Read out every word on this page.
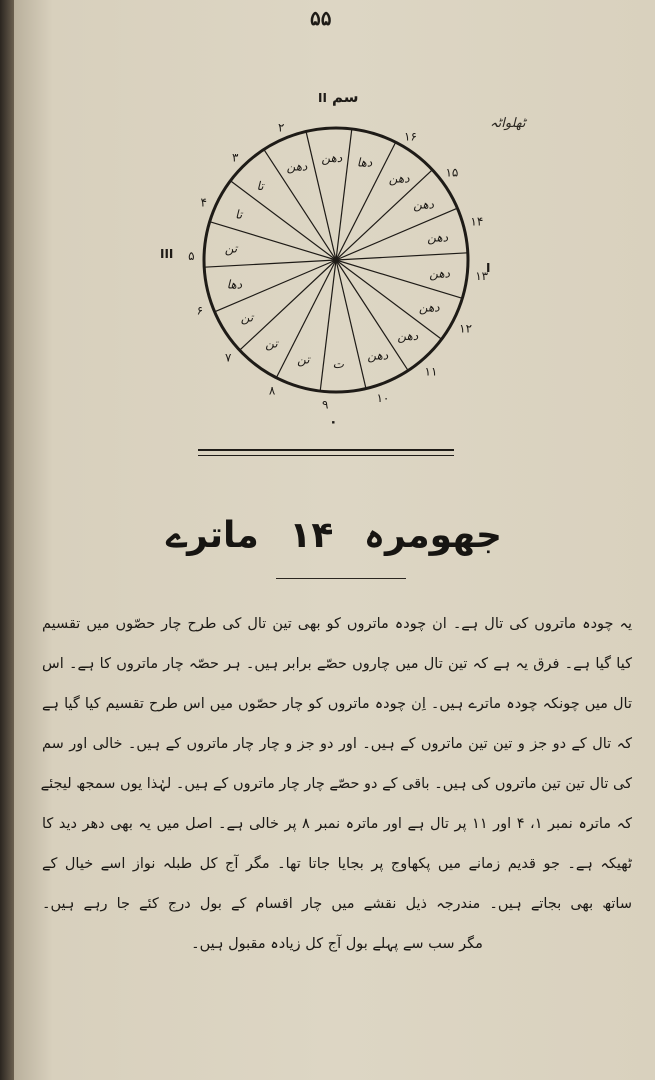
۵۵
ٹھلواٹہ
۲
۳
۴
۵
۶
۷
۸
۹	۱۰
۱۱
۱۲
۱۳
۱۴
۱۵
۱۶
دھا
دھن
دھن
دھن
دھن
دھن
دھن
دھن
ت
تن
تن
تن
دھا
تن
تا
تا
دھن
دھن
سم
II
III
I
۰
جھومرہ ۱۴ ماترے
یہ چودہ ماتروں کی تال ہے۔ ان چودہ ماتروں کو بھی تین تال کی طرح چار حصّوں میں تقسیم
کیا گیا ہے۔ فرق یہ ہے کہ تین تال میں چاروں حصّے برابر ہیں۔ ہر حصّہ چار ماتروں کا ہے۔ اس
تال میں چونکہ چودہ ماترے ہیں۔ اِن چودہ ماتروں کو چار حصّوں میں اس طرح تقسیم کیا گیا ہے
کہ تال کے دو جز و تین تین ماتروں کے ہیں۔ اور دو جز و چار چار ماتروں کے ہیں۔ خالی اور سم
کی تال تین تین ماتروں کی ہیں۔ باقی کے دو حصّے چار چار ماتروں کے ہیں۔ لہٰذا یوں سمجھ لیجئے
کہ ماترہ نمبر ۱، ۴ اور ۱۱ پر تال ہے اور ماترہ نمبر ۸ پر خالی ہے۔ اصل میں یہ بھی دھر دید کا
ٹھیکہ ہے۔ جو قدیم زمانے میں پکھاوج پر بجایا جاتا تھا۔ مگر آج کل طبلہ نواز اسے خیال کے
ساتھ بھی بجاتے ہیں۔ مندرجہ ذیل نقشے میں چار اقسام کے بول درج کئے جا رہے ہیں۔
مگر سب سے پہلے بول آج کل زیادہ مقبول ہیں۔
